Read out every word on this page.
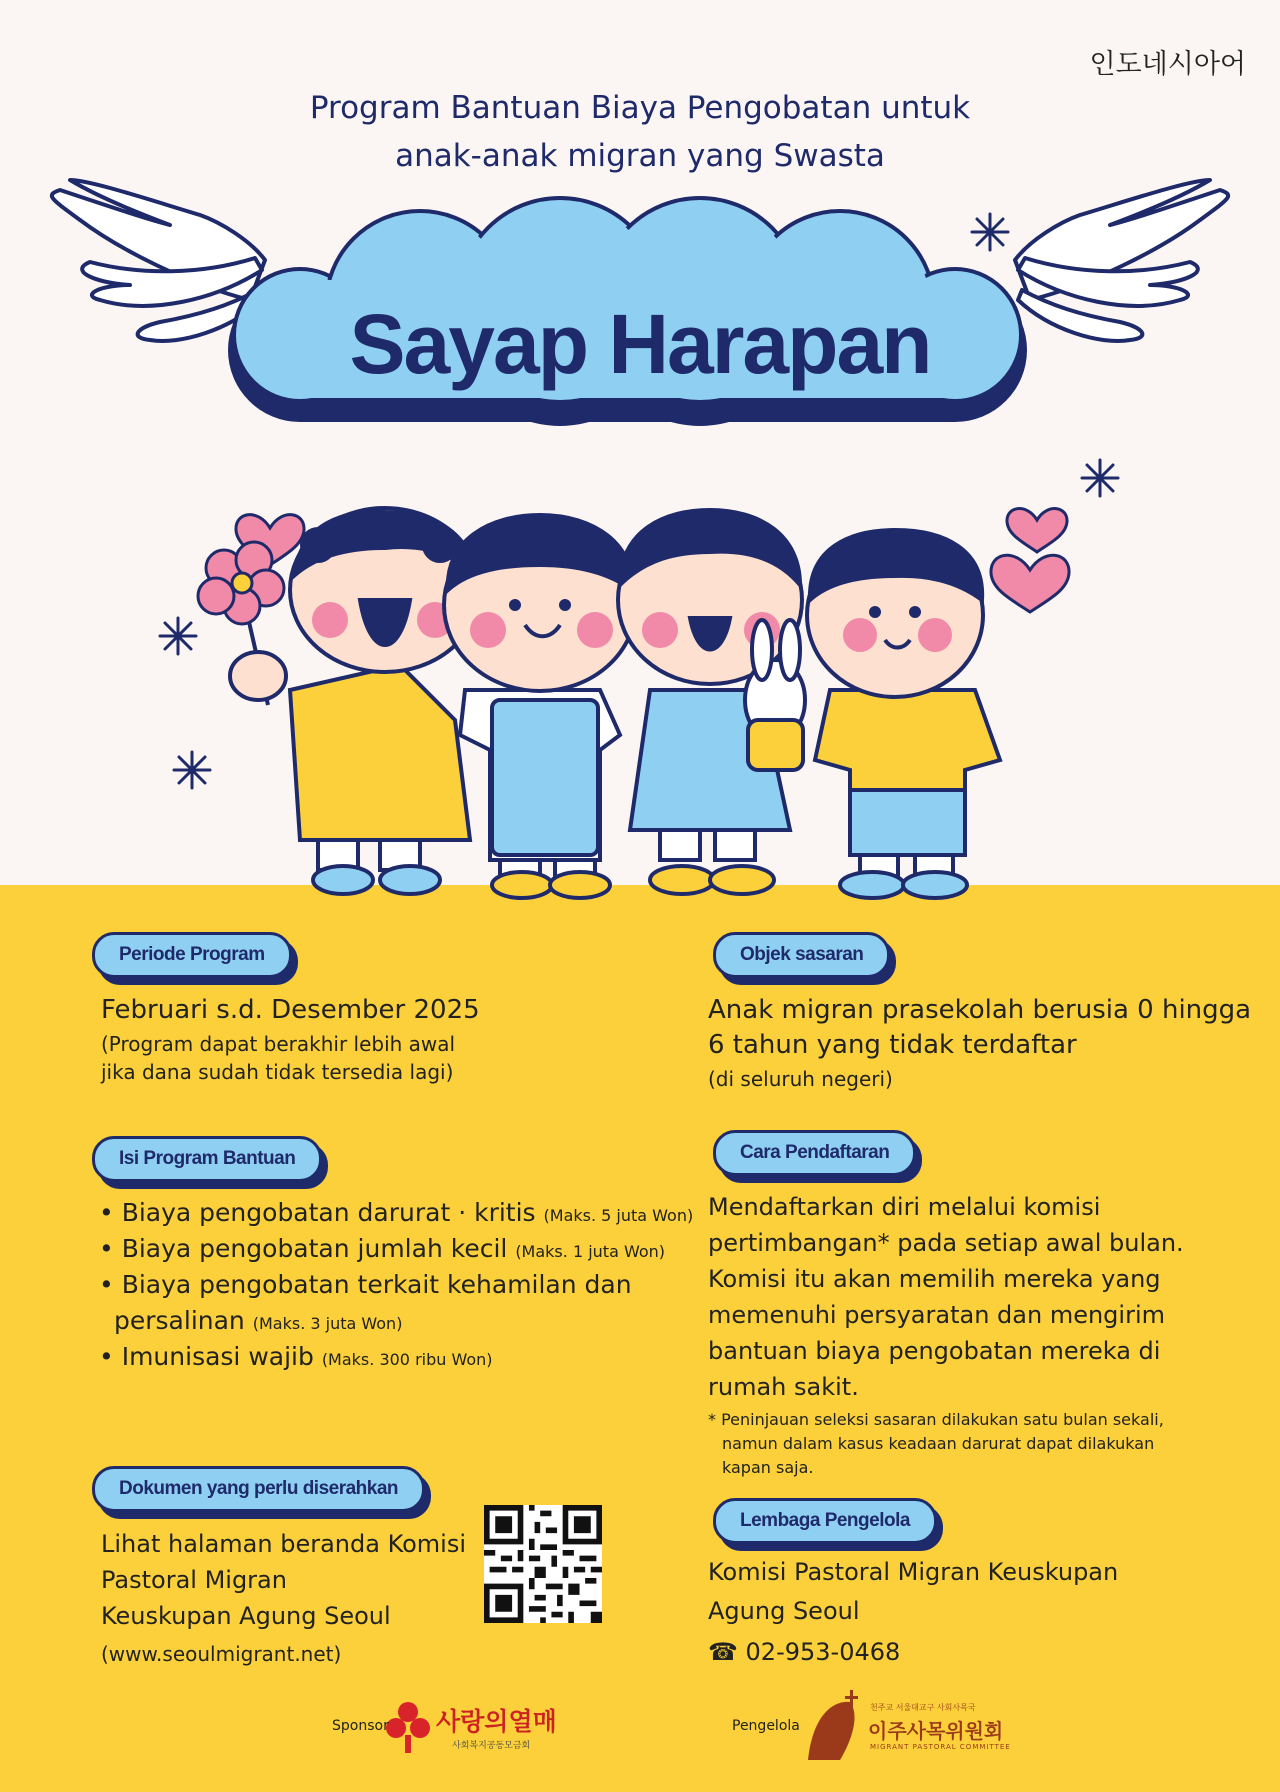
인도네시아어
Program Bantuan Biaya Pengobatan untuk
anak-anak migran yang Swasta
Sayap Harapan
Periode Program
Februari s.d. Desember 2025
(Program dapat berakhir lebih awal
jika dana sudah tidak tersedia lagi)
Objek sasaran
Anak migran prasekolah berusia 0 hingga
6 tahun yang tidak terdaftar
(di seluruh negeri)
Isi Program Bantuan
• Biaya pengobatan darurat · kritis (Maks. 5 juta Won)
• Biaya pengobatan jumlah kecil (Maks. 1 juta Won)
• Biaya pengobatan terkait kehamilan dan
persalinan (Maks. 3 juta Won)
• Imunisasi wajib (Maks. 300 ribu Won)
Cara Pendaftaran
Mendaftarkan diri melalui komisi
pertimbangan* pada setiap awal bulan.
Komisi itu akan memilih mereka yang
memenuhi persyaratan dan mengirim
bantuan biaya pengobatan mereka di
rumah sakit.
* Peninjauan seleksi sasaran dilakukan satu bulan sekali,
namun dalam kasus keadaan darurat dapat dilakukan
kapan saja.
Dokumen yang perlu diserahkan
Lihat halaman beranda Komisi
Pastoral Migran
Keuskupan Agung Seoul
(www.seoulmigrant.net)
Lembaga Pengelola
Komisi Pastoral Migran Keuskupan
Agung Seoul
☎ 02-953-0468
Sponsor 사랑의열매
사회복지공동모금회
Pengelola
천주교 서울대교구 사회사목국
이주사목위원회
MIGRANT PASTORAL COMMITTEE
